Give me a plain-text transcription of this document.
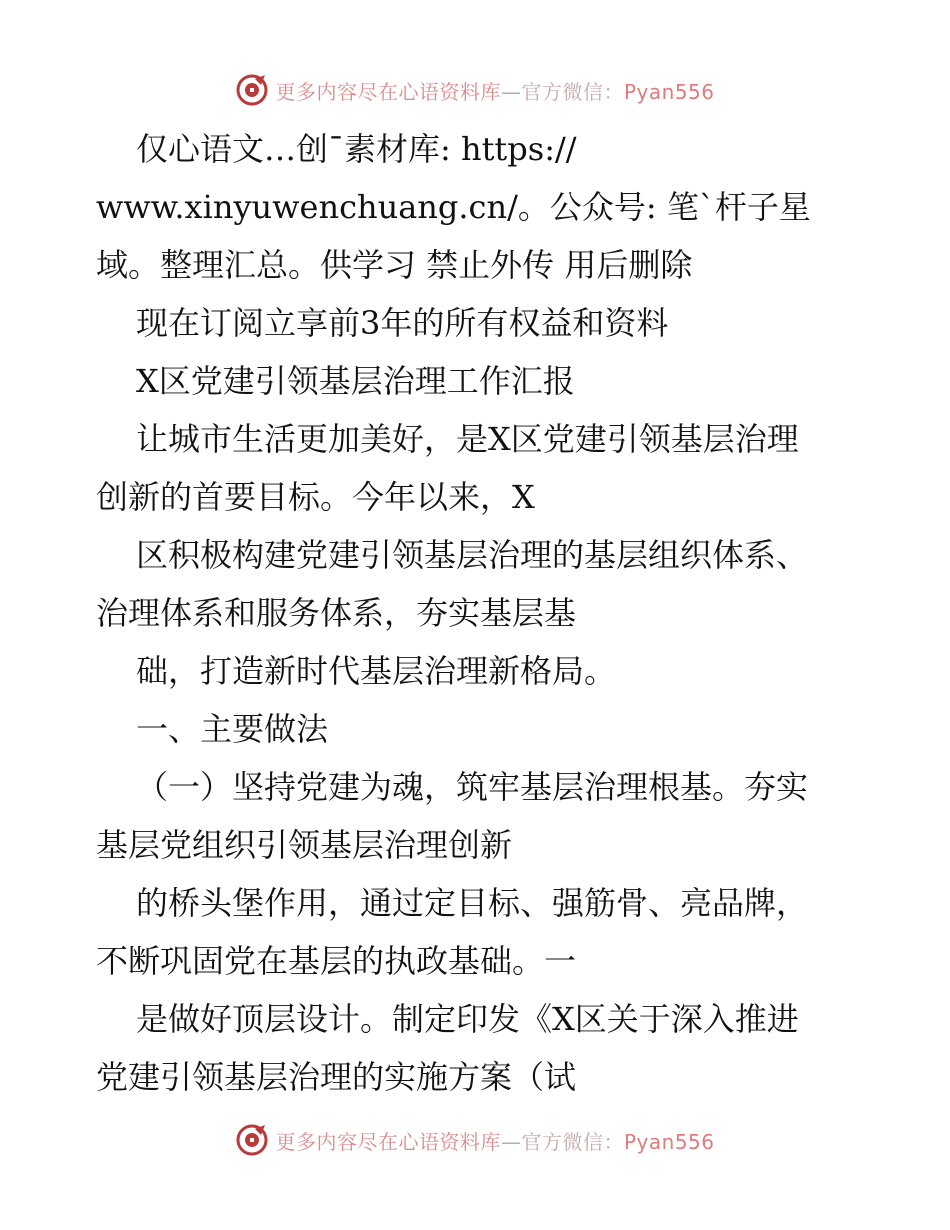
更多内容尽在心语资料库—官方微信：Pyan556
仅心语文…创¯素材库: https://
www.xinyuwenchuang.cn/。公众号: 笔`杆子星
域。整理汇总。供学习 禁止外传 用后删除
现在订阅立享前3年的所有权益和资料
X区党建引领基层治理工作汇报
让城市生活更加美好，是X区党建引领基层治理
创新的首要目标。今年以来，X
区积极构建党建引领基层治理的基层组织体系、
治理体系和服务体系，夯实基层基
础，打造新时代基层治理新格局。
一、主要做法
（一）坚持党建为魂，筑牢基层治理根基。夯实
基层党组织引领基层治理创新
的桥头堡作用，通过定目标、强筋骨、亮品牌，
不断巩固党在基层的执政基础。一
是做好顶层设计。制定印发《X区关于深入推进
党建引领基层治理的实施方案（试
更多内容尽在心语资料库—官方微信：Pyan556
